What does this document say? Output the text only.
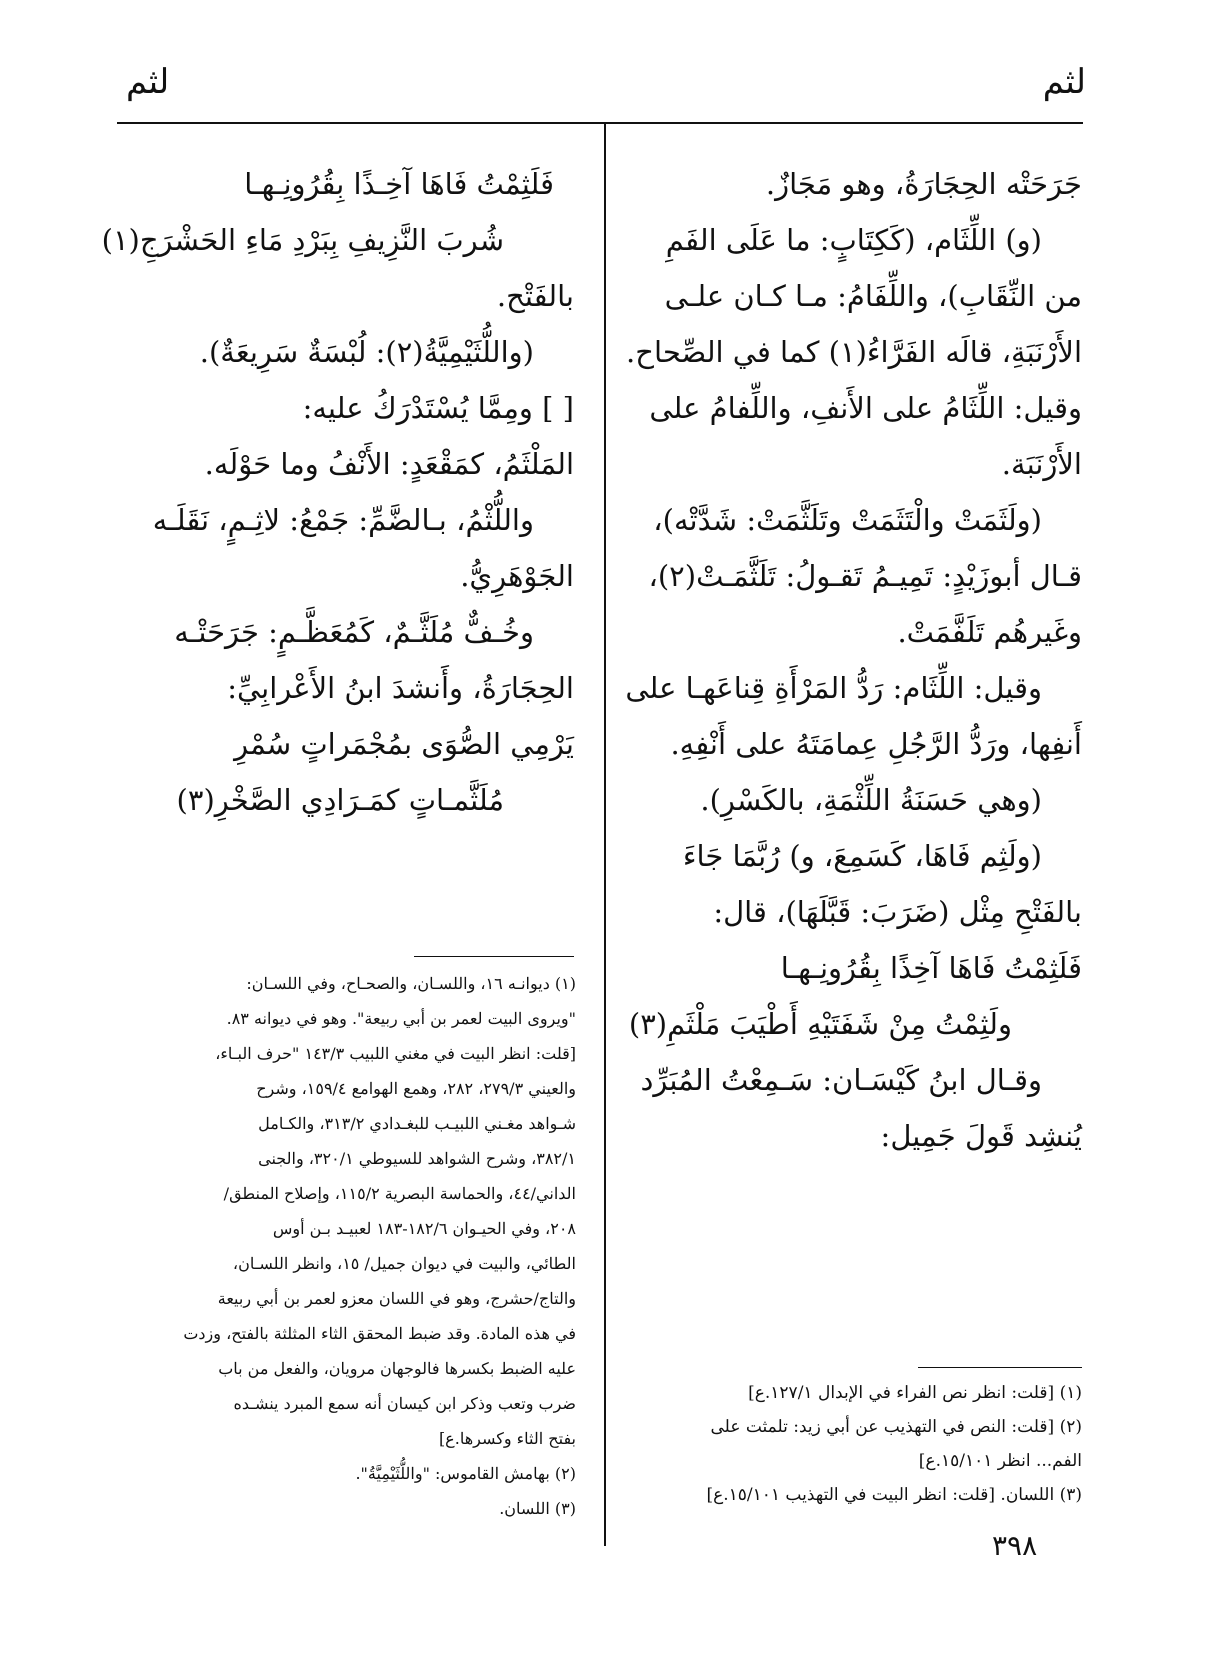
لثم
لثم
جَرَحَتْه الحِجَارَةُ، وهو مَجَازٌ.
(و) اللِّثَام، (كَكِتَابٍ: ما عَلَى الفَمِ
من النِّقَابِ)، واللِّفَامُ: مـا كـان علـى
الأَرْنَبَةِ، قالَه الفَرَّاءُ(١) كما في الصِّحاح.
وقيل: اللِّثَامُ على الأَنفِ، واللِّفامُ على
الأَرْنَبَة.
(ولَثَمَتْ والْتَثَمَتْ وتَلَثَّمَتْ: شَدَّتْه)،
قـال أبوزَيْدٍ: تَمِيـمُ تَقـولُ: تَلَثَّمَـتْ(٢)،
وغَيرهُم تَلَفَّمَتْ.
وقيل: اللِّثَام: رَدُّ المَرْأَةِ قِناعَهـا على
أَنفِها، ورَدُّ الرَّجُلِ عِمامَتَهُ على أَنْفِهِ.
(وهي حَسَنَةُ اللِّثْمَةِ، بالكَسْرِ).
(ولَثِم فَاهَا، كَسَمِعَ، و) رُبَّمَا جَاءَ
بالفَتْحِ مِثْل (ضَرَبَ: قَبَّلَهَا)، قال:
فَلَثِمْتُ فَاهَا آخِذًا بِقُرُونِـهـا
ولَثِمْتُ مِنْ شَفَتَيْهِ أَطْيَبَ مَلْثَمِ(٣)
وقـال ابنُ كَيْسَـان: سَـمِعْتُ المُبَرِّد
يُنشِد قَولَ جَمِيل:
(١) [قلت: انظر نص الفراء في الإبدال ١٢٧/١.ع]
(٢) [قلت: النص في التهذيب عن أبي زيد: تلمثت على
الفم... انظر ١٥/١٠١.ع]
(٣) اللسان. [قلت: انظر البيت في التهذيب ١٥/١٠١.ع]
فَلَثِمْتُ فَاهَا آخِـذًا بِقُرُونِـهـا
شُربَ النَّزِيفِ بِبَرْدِ مَاءِ الحَشْرَجِ(١)
بالفَتْح.
(واللُّثَيْمِيَّةُ(٢): لُبْسَةٌ سَرِيعَةٌ).
[ ] ومِمَّا يُسْتَدْرَكُ عليه:
المَلْثَمُ، كمَقْعَدٍ: الأَنْفُ وما حَوْلَه.
واللُّثْمُ، بـالضَّمِّ: جَمْعُ: لاثِـمٍ، نَقَلَـه
الجَوْهَرِيُّ.
وخُـفٌّ مُلَثَّـمٌ، كَمُعَظَّـمٍ: جَرَحَتْـه
الحِجَارَةُ، وأَنشدَ ابنُ الأَعْرابِيِّ:
يَرْمِي الصُّوَى بمُجْمَراتٍ سُمْرِ
مُلَثَّمـاتٍ كمَـرَادِي الصَّخْرِ(٣)
(١) ديوانـه ١٦، واللسـان، والصحـاح، وفي اللسـان:
"ويروى البيت لعمر بن أبي ربيعة". وهو في ديوانه ٨٣.
[قلت: انظر البيت في مغني اللبيب ١٤٣/٣ "حرف البـاء،
والعيني ٢٧٩/٣، ٢٨٢، وهمع الهوامع ١٥٩/٤، وشرح
شـواهد مغـني اللبيـب للبغـدادي ٣١٣/٢، والكـامل
٣٨٢/١، وشرح الشواهد للسيوطي ٣٢٠/١، والجنى
الداني/٤٤، والحماسة البصرية ١١٥/٢، وإصلاح المنطق/
٢٠٨، وفي الحيـوان ١٨٢/٦-١٨٣ لعبيـد بـن أوس
الطائي، والبيت في ديوان جميل/ ١٥، وانظر اللسـان،
والتاج/حشرج، وهو في اللسان معزو لعمر بن أبي ربيعة
في هذه المادة. وقد ضبط المحقق الثاء المثلثة بالفتح، وزدت
عليه الضبط بكسرها فالوجهان مرويان، والفعل من باب
ضرب وتعب وذكر ابن كيسان أنه سمع المبرد ينشـده
بفتح الثاء وكسرها.ع]
(٢) بهامش القاموس: "واللُّثَيْمِيَّةُ".
(٣) اللسان.
٣٩٨
